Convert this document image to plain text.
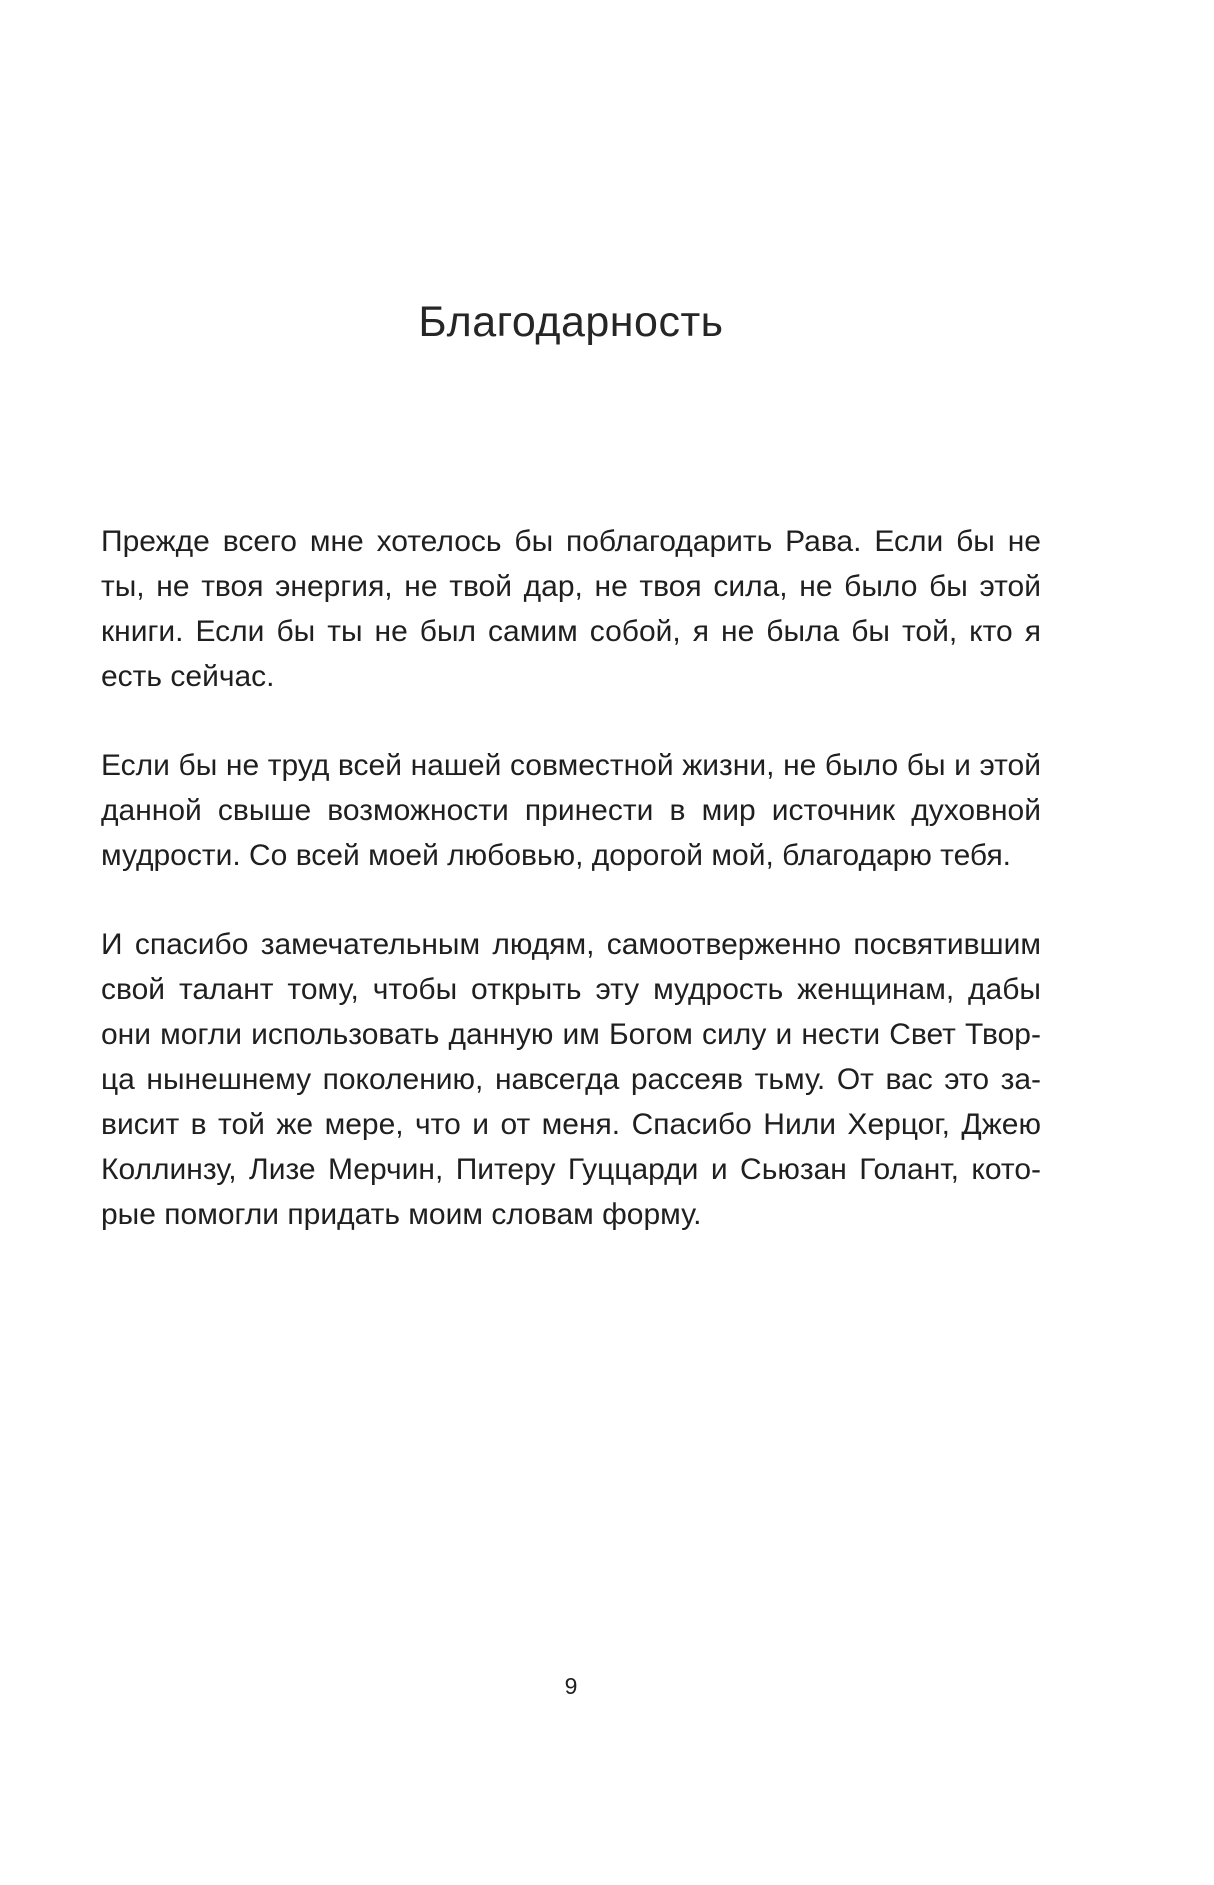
Благодарность
Прежде всего мне хотелось бы поблагодарить Рава. Если бы не
ты, не твоя энергия, не твой дар, не твоя сила, не было бы этой
книги. Если бы ты не был самим собой, я не была бы той, кто я
есть сейчас.
Если бы не труд всей нашей совместной жизни, не было бы и этой
данной свыше возможности принести в мир источник духовной
мудрости. Со всей моей любовью, дорогой мой, благодарю тебя.
И спасибо замечательным людям, самоотверженно посвятившим
свой талант тому, чтобы открыть эту мудрость женщинам, дабы
они могли использовать данную им Богом силу и нести Свет Твор-
ца нынешнему поколению, навсегда рассеяв тьму. От вас это за-
висит в той же мере, что и от меня. Спасибо Нили Херцог, Джею
Коллинзу, Лизе Мерчин, Питеру Гуццарди и Сьюзан Голант, кото-
рые помогли придать моим словам форму.
9
